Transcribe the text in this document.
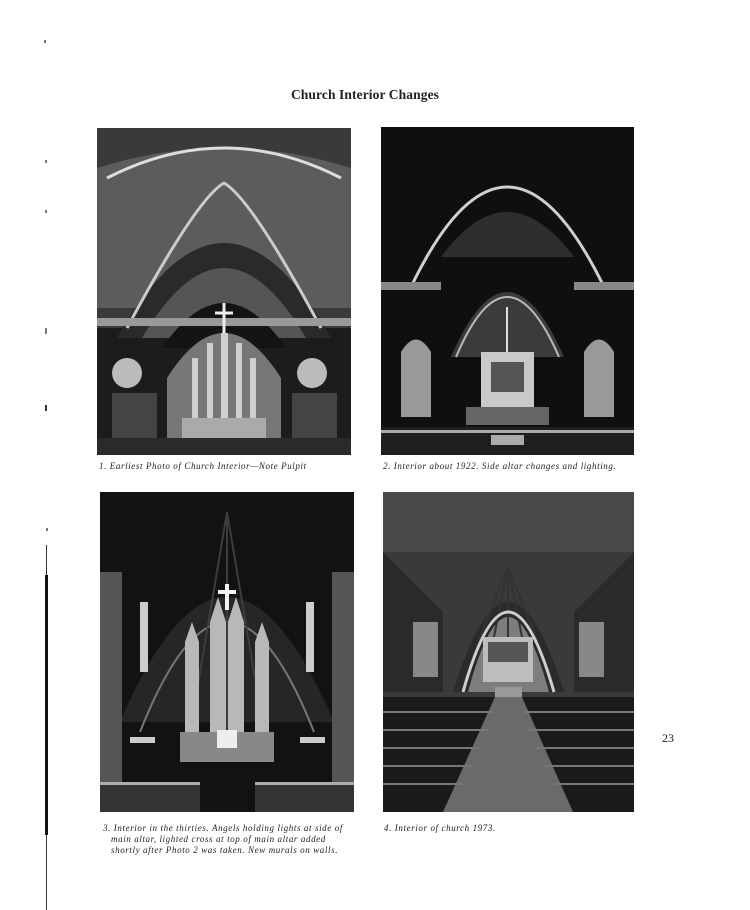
Church Interior Changes

1. Earliest Photo of Church Interior—Note Pulpit	2. Interior about 1922. Side altar changes and lighting.

3. Interior in the thirties. Angels holding lights at side of

main altar, lighted cross at top of main altar added

shortly after Photo 2 was taken. New murals on walls.

4. Interior of church 1973.

23
